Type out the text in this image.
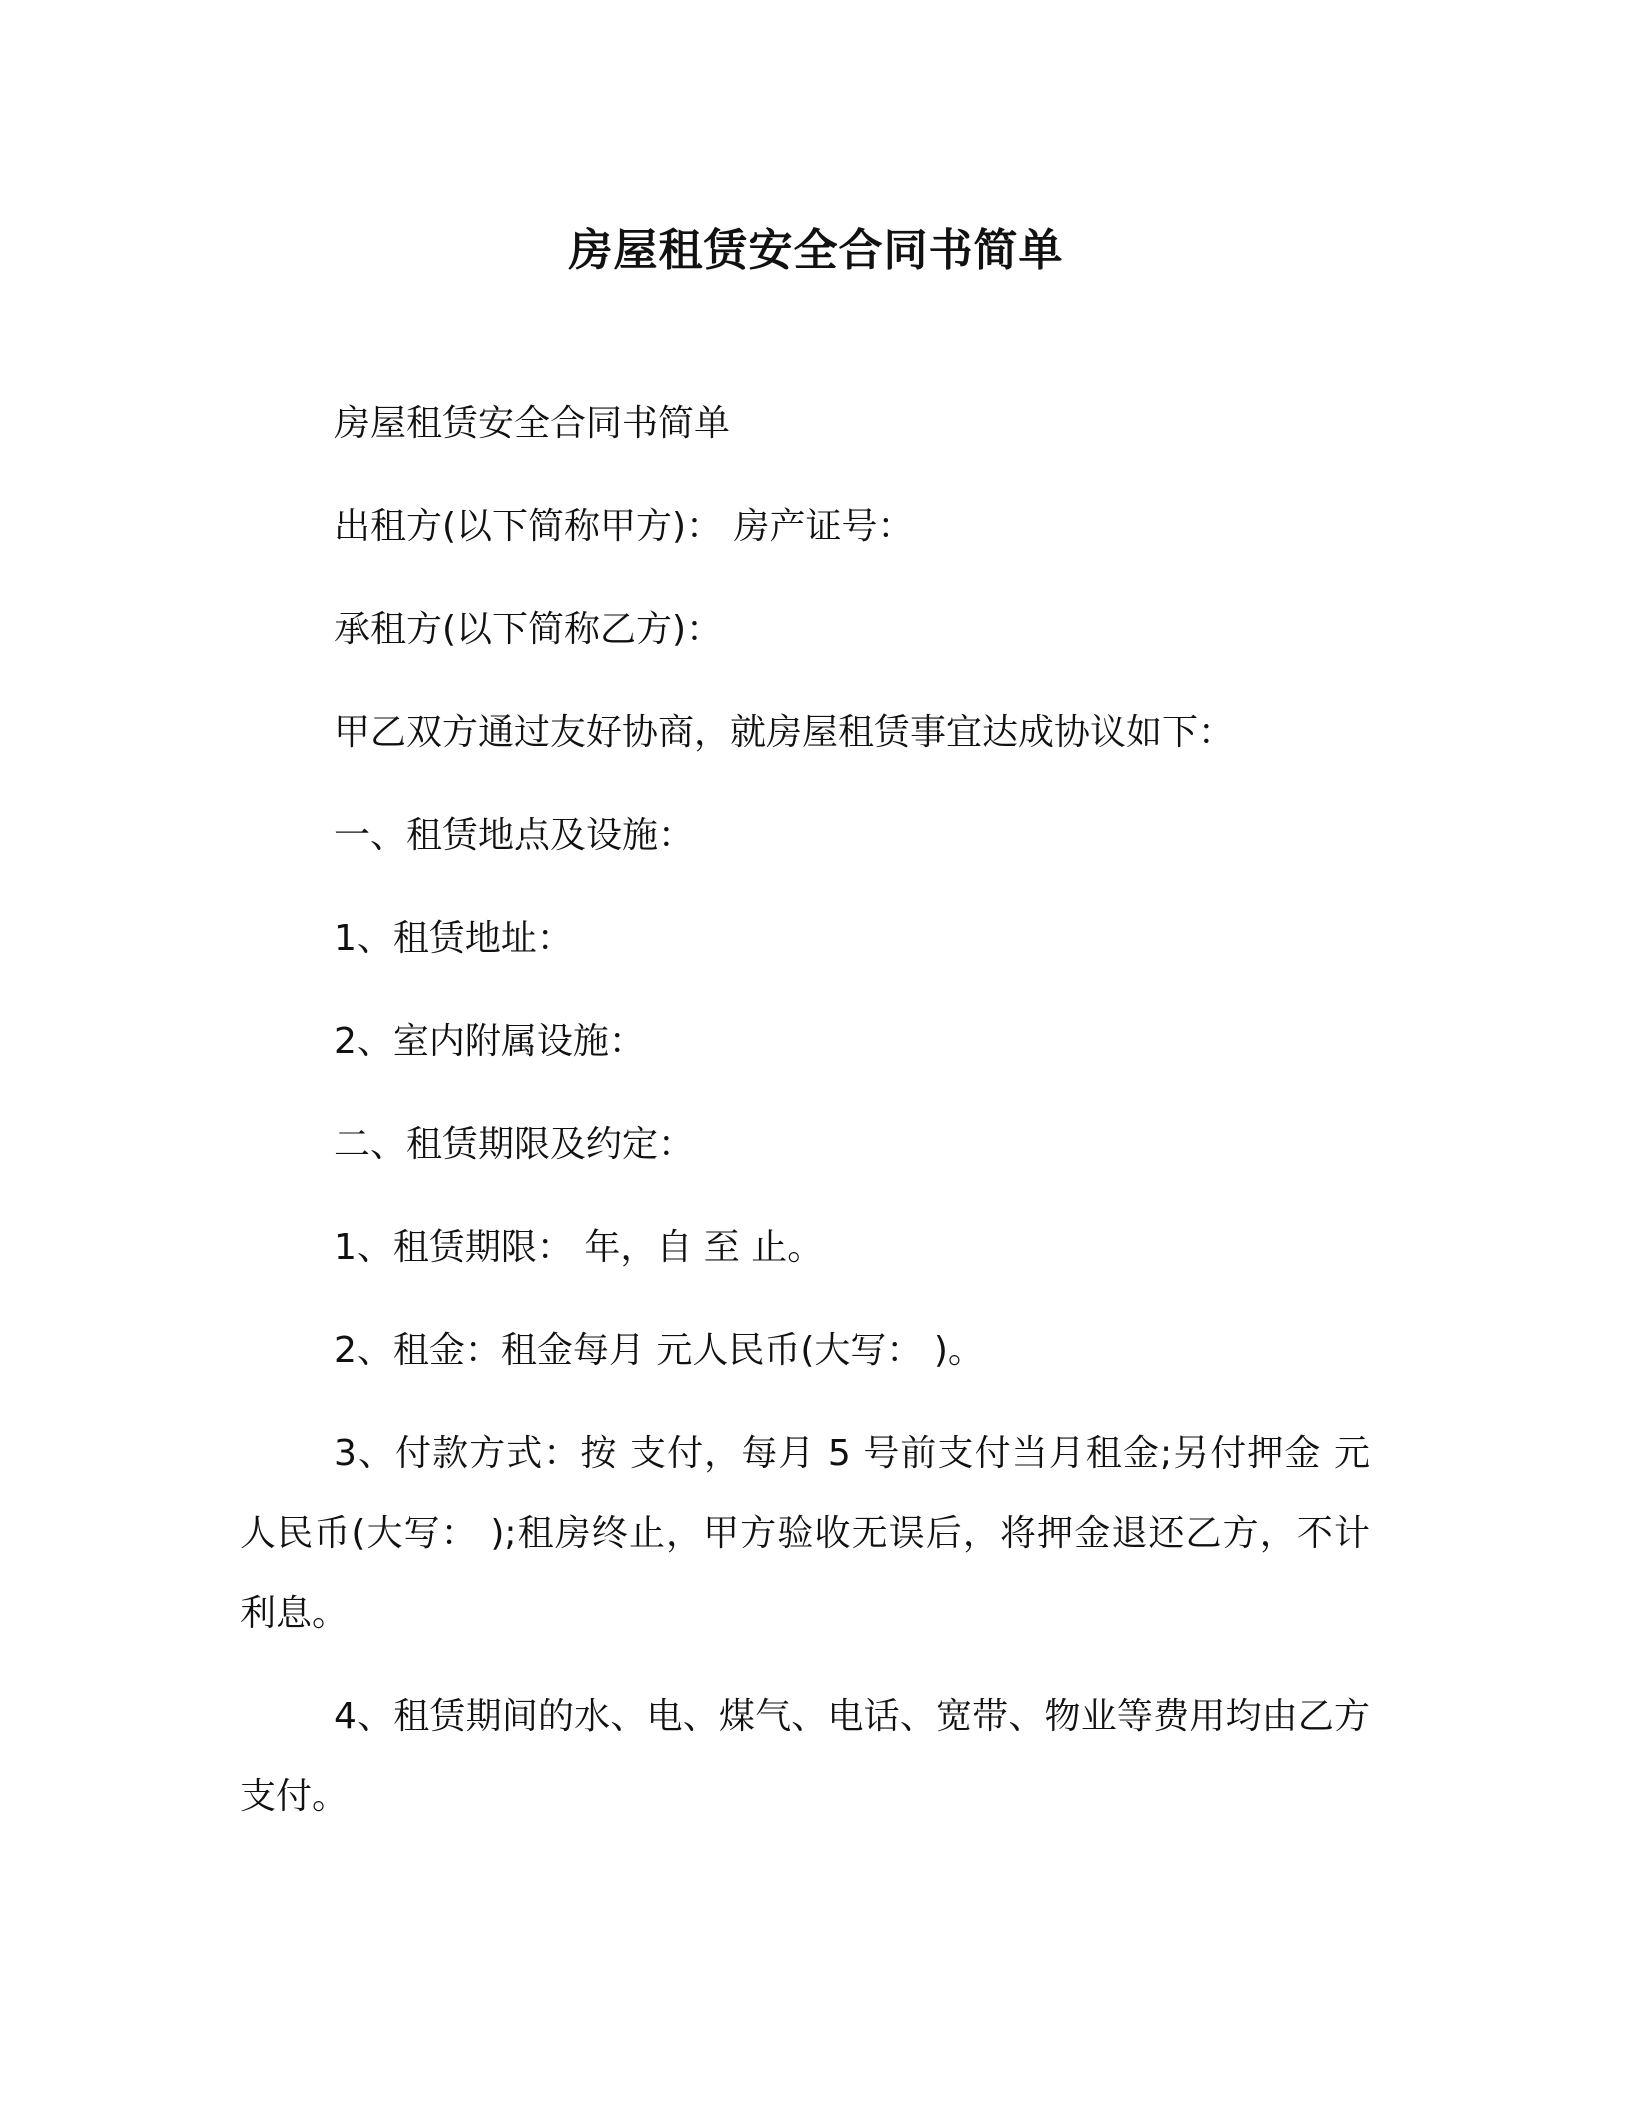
房屋租赁安全合同书简单
房屋租赁安全合同书简单
出租方(以下简称甲方)： 房产证号：
承租方(以下简称乙方)：
甲乙双方通过友好协商，就房屋租赁事宜达成协议如下：
一、租赁地点及设施：
1、租赁地址：
2、室内附属设施：
二、租赁期限及约定：
1、租赁期限： 年，自 至 止。
2、租金：租金每月 元人民币(大写： )。
3、付款方式：按 支付，每月 5 号前支付当月租金;另付押金 元人民币(大写： );租房终止，甲方验收无误后，将押金退还乙方，不计利息。
4、租赁期间的水、电、煤气、电话、宽带、物业等费用均由乙方支付。
